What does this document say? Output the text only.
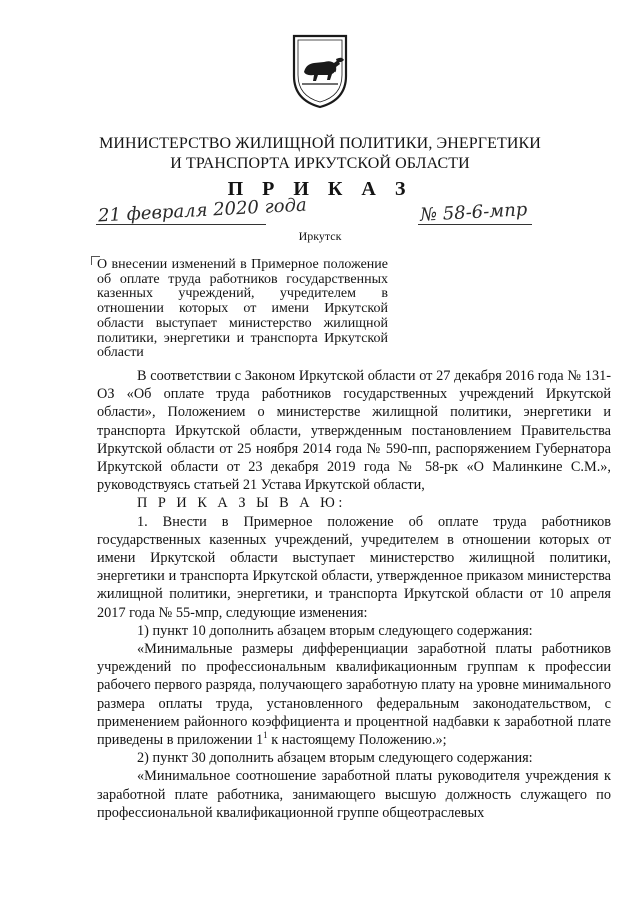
МИНИСТЕРСТВО ЖИЛИЩНОЙ ПОЛИТИКИ, ЭНЕРГЕТИКИ
И ТРАНСПОРТА ИРКУТСКОЙ ОБЛАСТИ
П Р И К А З
21 февраля 2020 года	№ 58-6-мпр
Иркутск
О внесении изменений в Примерное положение об оплате труда работников государственных казенных учреждений, учредителем в отношении которых от имени Иркутской области выступает министерство жилищной политики, энергетики и транспорта Иркутской области

В соответствии с Законом Иркутской области от 27 декабря 2016 года № 131-ОЗ «Об оплате труда работников государственных учреждений Иркутской области», Положением о министерстве жилищной политики, энергетики и транспорта Иркутской области, утвержденным постановлением Правительства Иркутской области от 25 ноября 2014 года № 590-пп, распоряжением Губернатора Иркутской области от 23 декабря 2019 года № 58-рк «О Малинкине С.М.», руководствуясь статьей 21 Устава Иркутской области,

П Р И К А З Ы В А Ю:

1. Внести в Примерное положение об оплате труда работников государственных казенных учреждений, учредителем в отношении которых от имени Иркутской области выступает министерство жилищной политики, энергетики и транспорта Иркутской области, утвержденное приказом министерства жилищной политики, энергетики, и транспорта Иркутской области от 10 апреля 2017 года № 55-мпр, следующие изменения:

1) пункт 10 дополнить абзацем вторым следующего содержания:

«Минимальные размеры дифференциации заработной платы работников учреждений по профессиональным квалификационным группам к профессии рабочего первого разряда, получающего заработную плату на уровне минимального размера оплаты труда, установленного федеральным законодательством, с применением районного коэффициента и процентной надбавки к заработной плате приведены в приложении $1^1$ к настоящему Положению.»;

2) пункт 30 дополнить абзацем вторым следующего содержания:

«Минимальное соотношение заработной платы руководителя учреждения к заработной плате работника, занимающего высшую должность служащего по профессиональной квалификационной группе общеотраслевых
